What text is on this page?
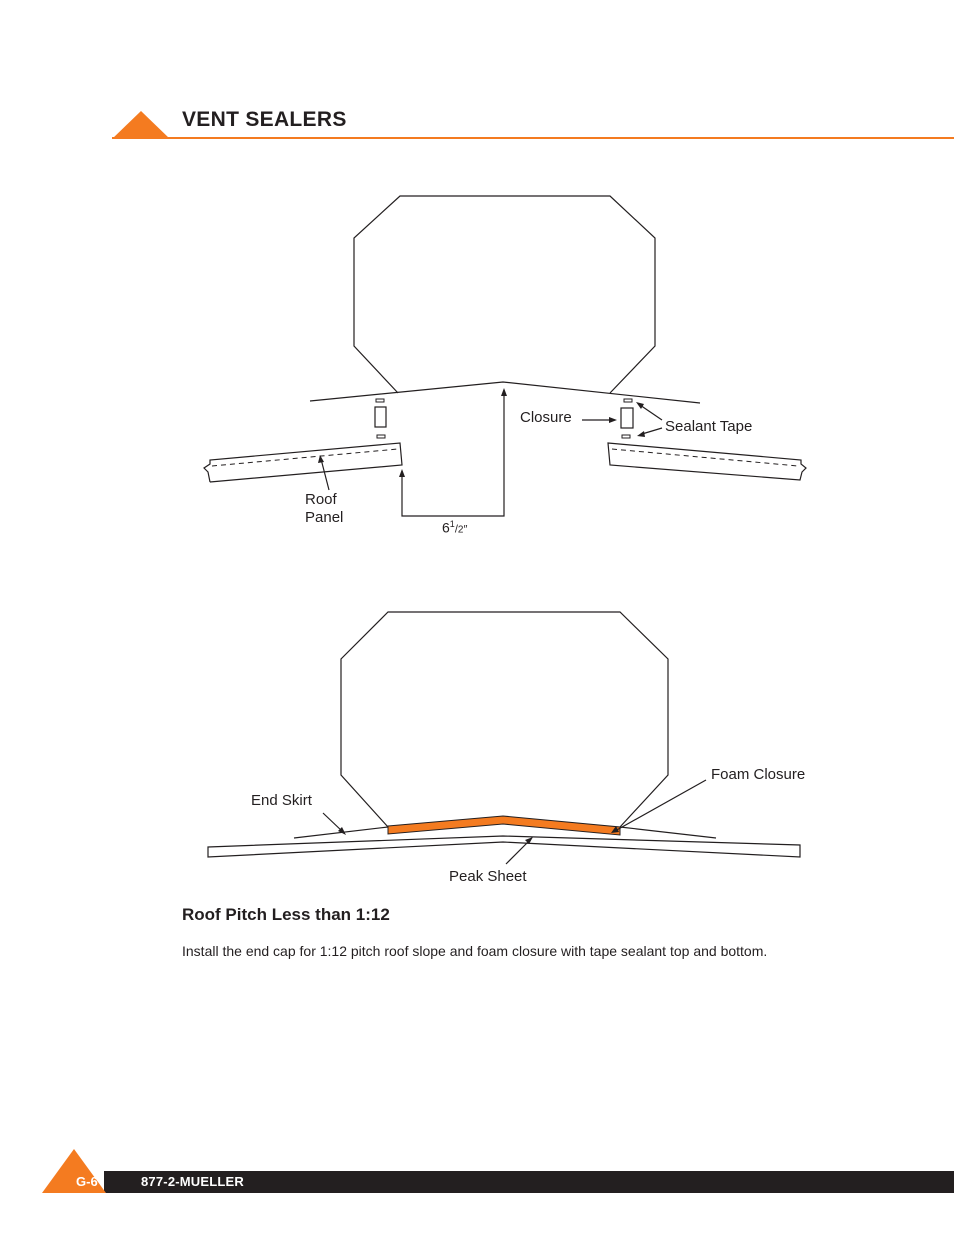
VENT SEALERS
Closure
Sealant Tape
Roof
Panel
$6^1/2''$
Foam Closure
End Skirt
Peak Sheet
Roof Pitch Less than 1:12
Install the end cap for 1:12 pitch roof slope and foam closure with tape sealant top and bottom.
G-6	877-2-MUELLER
